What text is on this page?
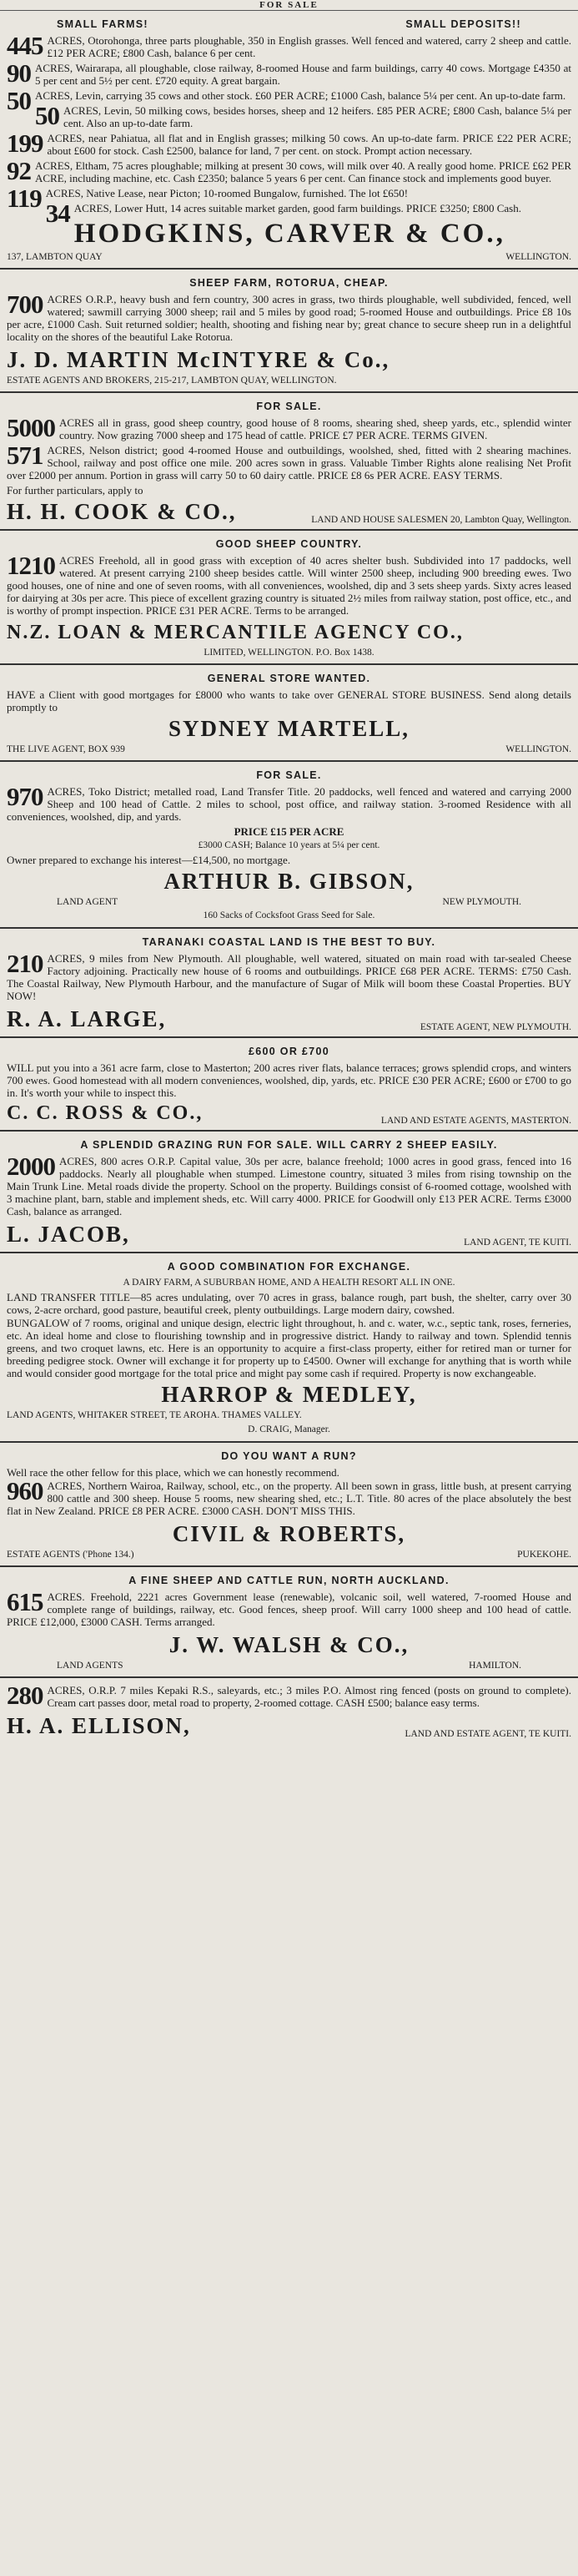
FOR SALE
SMALL FARMS!	SMALL DEPOSITS!!
445 ACRES, Otorohonga, three parts ploughable, 350 in English grasses. Well fenced and watered, carry 2 sheep and cattle. £12 PER ACRE; £800 Cash, balance 6 per cent.
90 ACRES, Wairarapa, all ploughable, close railway, 8-roomed House and farm buildings, carry 40 cows. Mortgage £4350 at 5 per cent and 5½ per cent. £720 equity. A great bargain.
50 ACRES, Levin, carrying 35 cows and other stock. £60 PER ACRE; £1000 Cash, balance 5¼ per cent. An up-to-date farm.
50 ACRES, Levin, 50 milking cows, besides horses, sheep and 12 heifers. £85 PER ACRE; £800 Cash, balance 5¼ per cent. Also an up-to-date farm.
199 ACRES, near Pahiatua, all flat and in English grasses; milking 50 cows. An up-to-date farm. PRICE £22 PER ACRE; about £600 for stock. Cash £2500, balance for land, 7 per cent. on stock. Prompt action necessary.
92 ACRES, Eltham, 75 acres ploughable; milking at present 30 cows, will milk over 40. A really good home. PRICE £62 PER ACRE, including machine, etc. Cash £2350; balance 5 years 6 per cent. Can finance stock and implements good buyer.
119 ACRES, Native Lease, near Picton; 10-roomed Bungalow, furnished. The lot £650!
34 ACRES, Lower Hutt, 14 acres suitable market garden, good farm buildings. PRICE £3250; £800 Cash.
HODGKINS, CARVER & CO.,
137, LAMBTON QUAY	WELLINGTON.
SHEEP FARM, ROTORUA, CHEAP.
700 ACRES O.R.P., heavy bush and fern country, 300 acres in grass, two thirds ploughable, well subdivided, fenced, well watered; sawmill carrying 3000 sheep; rail and 5 miles by good road; 5-roomed House and outbuildings. Price £8 10s per acre, £1000 Cash. Suit returned soldier; health, shooting and fishing near by; great chance to secure sheep run in a delightful locality on the shores of the beautiful Lake Rotorua.
J. D. MARTIN McINTYRE & Co.,
ESTATE AGENTS AND BROKERS, 215-217, LAMBTON QUAY, WELLINGTON.
FOR SALE.
5000 ACRES all in grass, good sheep country, good house of 8 rooms, shearing shed, sheep yards, etc., splendid winter country. Now grazing 7000 sheep and 175 head of cattle. PRICE £7 PER ACRE. TERMS GIVEN.
571 ACRES, Nelson district; good 4-roomed House and outbuildings, woolshed, shed, fitted with 2 shearing machines. School, railway and post office one mile. 200 acres sown in grass. Valuable Timber Rights alone realising Net Profit over £2000 per annum. Portion in grass will carry 50 to 60 dairy cattle. PRICE £8 6s PER ACRE. EASY TERMS.
For further particulars, apply to
H. H. COOK & CO.,	LAND AND HOUSE SALESMEN 20, Lambton Quay, Wellington.
GOOD SHEEP COUNTRY.
1210 ACRES Freehold, all in good grass with exception of 40 acres shelter bush. Subdivided into 17 paddocks, well watered. At present carrying 2100 sheep besides cattle. Will winter 2500 sheep, including 900 breeding ewes. Two good houses, one of nine and one of seven rooms, with all conveniences, woolshed, dip and 3 sets sheep yards. Sixty acres leased for dairying at 30s per acre. This piece of excellent grazing country is situated 2½ miles from railway station, post office, etc., and is worthy of prompt inspection. PRICE £31 PER ACRE. Terms to be arranged.
N.Z. LOAN & MERCANTILE AGENCY CO.,
LIMITED, WELLINGTON. P.O. Box 1438.
GENERAL STORE WANTED.
HAVE a Client with good mortgages for £8000 who wants to take over GENERAL STORE BUSINESS. Send along details promptly to
SYDNEY MARTELL,
THE LIVE AGENT, BOX 939	WELLINGTON.
FOR SALE.
970 ACRES, Toko District; metalled road, Land Transfer Title. 20 paddocks, well fenced and watered and carrying 2000 Sheep and 100 head of Cattle. 2 miles to school, post office, and railway station. 3-roomed Residence with all conveniences, woolshed, dip, and yards.
PRICE £15 PER ACRE
£3000 CASH; Balance 10 years at 5¼ per cent.
Owner prepared to exchange his interest—£14,500, no mortgage.
ARTHUR B. GIBSON,
LAND AGENT	NEW PLYMOUTH.
160 Sacks of Cocksfoot Grass Seed for Sale.
TARANAKI COASTAL LAND IS THE BEST TO BUY.
210 ACRES, 9 miles from New Plymouth. All ploughable, well watered, situated on main road with tar-sealed Cheese Factory adjoining. Practically new house of 6 rooms and outbuildings. PRICE £68 PER ACRE. TERMS: £750 Cash. The Coastal Railway, New Plymouth Harbour, and the manufacture of Sugar of Milk will boom these Coastal Properties. BUY NOW!
R. A. LARGE,	ESTATE AGENT, NEW PLYMOUTH.
£600 OR £700
WILL put you into a 361 acre farm, close to Masterton; 200 acres river flats, balance terraces; grows splendid crops, and winters 700 ewes. Good homestead with all modern conveniences, woolshed, dip, yards, etc. PRICE £30 PER ACRE; £600 or £700 to go in. It's worth your while to inspect this.
C. C. ROSS & CO.,	LAND AND ESTATE AGENTS, MASTERTON.
A SPLENDID GRAZING RUN FOR SALE. WILL CARRY 2 SHEEP EASILY.
2000 ACRES, 800 acres O.R.P. Capital value, 30s per acre, balance freehold; 1000 acres in good grass, fenced into 16 paddocks. Nearly all ploughable when stumped. Limestone country, situated 3 miles from rising township on the Main Trunk Line. Metal roads divide the property. School on the property. Buildings consist of 6-roomed cottage, woolshed with 3 machine plant, barn, stable and implement sheds, etc. Will carry 4000. PRICE for Goodwill only £13 PER ACRE. Terms £3000 Cash, balance as arranged.
L. JACOB,	LAND AGENT, TE KUITI.
A GOOD COMBINATION FOR EXCHANGE.
A DAIRY FARM, A SUBURBAN HOME, AND A HEALTH RESORT ALL IN ONE.
LAND TRANSFER TITLE—85 acres undulating, over 70 acres in grass, balance rough, part bush, the shelter, carry over 30 cows, 2-acre orchard, good pasture, beautiful creek, plenty outbuildings. Large modern dairy, cowshed.
BUNGALOW of 7 rooms, original and unique design, electric light throughout, h. and c. water, w.c., septic tank, roses, ferneries, etc. An ideal home and close to flourishing township and in progressive district. Handy to railway and town. Splendid tennis greens, and two croquet lawns, etc. Here is an opportunity to acquire a first-class property, either for retired man or turner for breeding pedigree stock. Owner will exchange it for property up to £4500. Owner will exchange for anything that is worth while and would consider good mortgage for the total price and might pay some cash if required. Property is now exchangeable.
HARROP & MEDLEY,
LAND AGENTS, WHITAKER STREET, TE AROHA. THAMES VALLEY.
D. CRAIG, Manager.
DO YOU WANT A RUN?
Well race the other fellow for this place, which we can honestly recommend.
960 ACRES, Northern Wairoa, Railway, school, etc., on the property. All been sown in grass, little bush, at present carrying 800 cattle and 300 sheep. House 5 rooms, new shearing shed, etc.; L.T. Title. 80 acres of the place absolutely the best flat in New Zealand. PRICE £8 PER ACRE. £3000 CASH. DON'T MISS THIS.
CIVIL & ROBERTS,
ESTATE AGENTS ('Phone 134.)	PUKEKOHE.
A FINE SHEEP AND CATTLE RUN, NORTH AUCKLAND.
615 ACRES. Freehold, 2221 acres Government lease (renewable), volcanic soil, well watered, 7-roomed House and complete range of buildings, railway, etc. Good fences, sheep proof. Will carry 1000 sheep and 100 head of cattle. PRICE £12,000, £3000 CASH. Terms arranged.
J. W. WALSH & CO.,
LAND AGENTS	HAMILTON.
280 ACRES, O.R.P. 7 miles Kepaki R.S., saleyards, etc.; 3 miles P.O. Almost ring fenced (posts on ground to complete). Cream cart passes door, metal road to property, 2-roomed cottage. CASH £500; balance easy terms.
H. A. ELLISON,	LAND AND ESTATE AGENT, TE KUITI.
